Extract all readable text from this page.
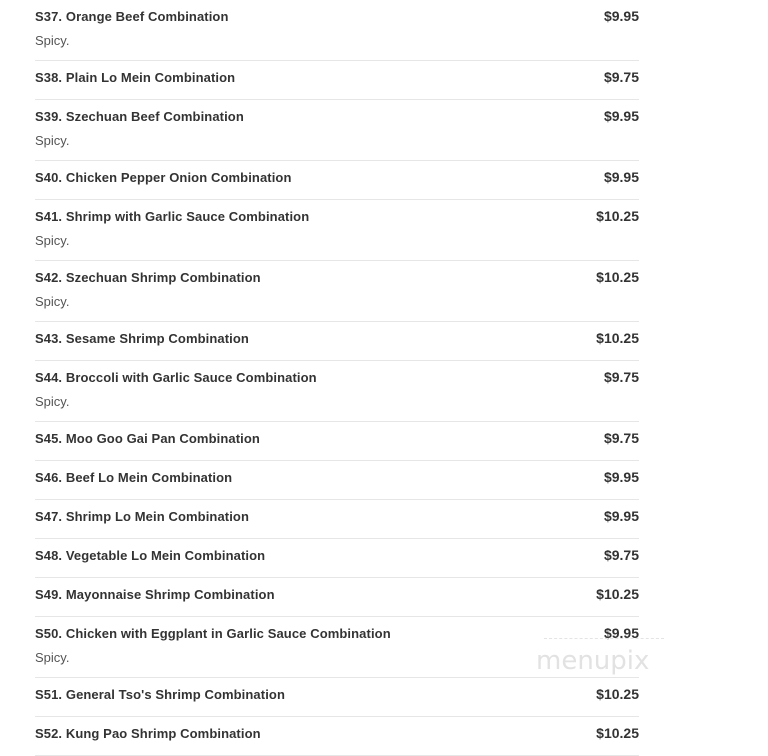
S37. Orange Beef Combination	$9.95
Spicy.
S38. Plain Lo Mein Combination	$9.75
S39. Szechuan Beef Combination	$9.95
Spicy.
S40. Chicken Pepper Onion Combination	$9.95
S41. Shrimp with Garlic Sauce Combination	$10.25
Spicy.
S42. Szechuan Shrimp Combination	$10.25
Spicy.
S43. Sesame Shrimp Combination	$10.25
S44. Broccoli with Garlic Sauce Combination	$9.75
Spicy.
S45. Moo Goo Gai Pan Combination	$9.75
S46. Beef Lo Mein Combination	$9.95
S47. Shrimp Lo Mein Combination	$9.95
S48. Vegetable Lo Mein Combination	$9.75
S49. Mayonnaise Shrimp Combination	$10.25
S50. Chicken with Eggplant in Garlic Sauce Combination	$9.95
Spicy.
S51. General Tso's Shrimp Combination	$10.25
S52. Kung Pao Shrimp Combination	$10.25
menupix
